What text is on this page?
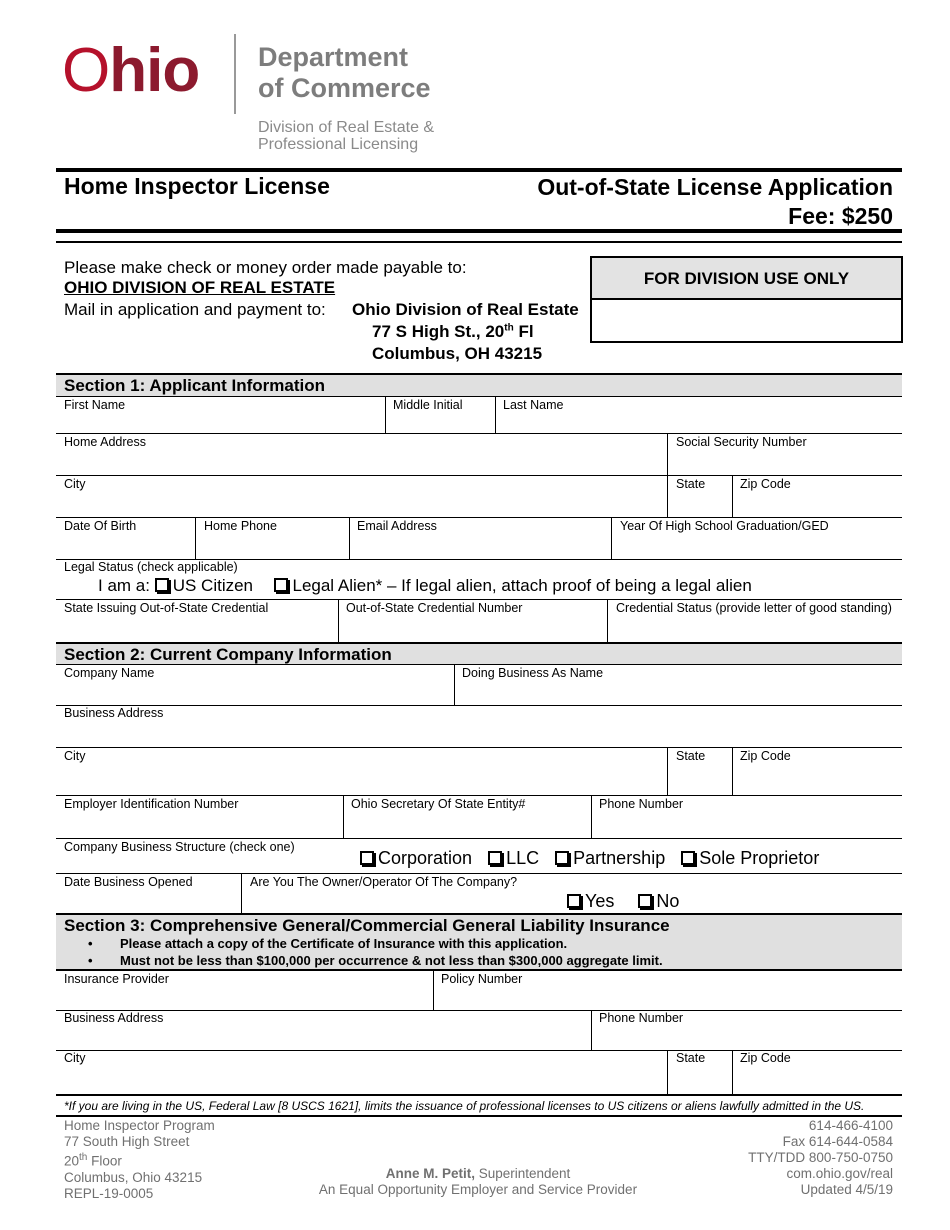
Ohio Department
of Commerce
Division of Real Estate &
Professional Licensing
Home Inspector License	Out-of-State License Application
Fee: $250
Please make check or money order made payable to:
OHIO DIVISION OF REAL ESTATE
Mail in application and payment to: Ohio Division of Real Estate
77 S High St., 20th Fl
Columbus, OH 43215
FOR DIVISION USE ONLY
Section 1: Applicant Information
First Name	Middle Initial	Last Name
Home Address	Social Security Number
City	State	Zip Code
Date Of Birth	Home Phone	Email Address	Year Of High School Graduation/GED
Legal Status (check applicable)
I am a: US Citizen Legal Alien* – If legal alien, attach proof of being a legal alien
State Issuing Out-of-State Credential	Out-of-State Credential Number	Credential Status (provide letter of good standing)
Section 2: Current Company Information
Company Name	Doing Business As Name
Business Address
City	State	Zip Code
Employer Identification Number	Ohio Secretary Of State Entity#	Phone Number
Company Business Structure (check one)
Corporation LLC Partnership Sole Proprietor
Date Business Opened	Are You The Owner/Operator Of The Company?
Yes No
Section 3: Comprehensive General/Commercial General Liability Insurance
• Please attach a copy of the Certificate of Insurance with this application.
• Must not be less than $100,000 per occurrence & not less than $300,000 aggregate limit.
Insurance Provider	Policy Number
Business Address	Phone Number
City	State	Zip Code
*If you are living in the US, Federal Law [8 USCS 1621], limits the issuance of professional licenses to US citizens or aliens lawfully admitted in the US.
Home Inspector Program
77 South High Street
20th Floor
Columbus, Ohio 43215
REPL-19-0005
Anne M. Petit, Superintendent
An Equal Opportunity Employer and Service Provider
614-466-4100
Fax 614-644-0584
TTY/TDD 800-750-0750
com.ohio.gov/real
Updated 4/5/19
